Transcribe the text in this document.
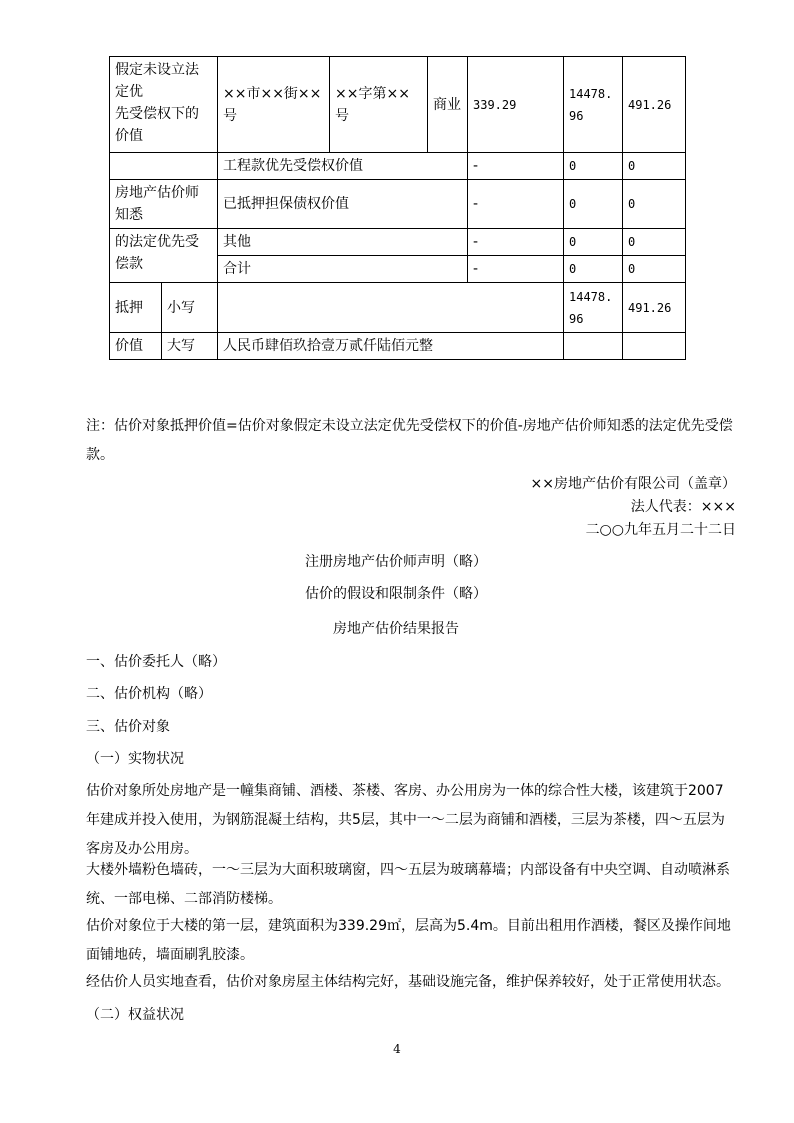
假定未设立法定优
先受偿权下的价值		××市××街××号	××字第××号	商业	339.29	14478.96	491.26
		工程款优先受偿权价值			-	0	0
房地产估价师知悉		已抵押担保债权价值			-	0	0
的法定优先受偿款		其他			-	0	0
		合计			-	0	0
抵押	小写					14478.96	491.26
价值	大写	人民币肆佰玖拾壹万贰仟陆佰元整					
注：估价对象抵押价值=估价对象假定未设立法定优先受偿权下的价值-房地产估价师知悉的法定优先受偿款。
××房地产估价有限公司（盖章）
法人代表：×××
二○○九年五月二十二日
注册房地产估价师声明（略）
估价的假设和限制条件（略）
房地产估价结果报告
一、估价委托人（略）
二、估价机构（略）
三、估价对象
（一）实物状况
估价对象所处房地产是一幢集商铺、酒楼、茶楼、客房、办公用房为一体的综合性大楼，该建筑于2007年建成并投入使用，为钢筋混凝土结构，共5层，其中一～二层为商铺和酒楼，三层为茶楼，四～五层为客房及办公用房。
大楼外墙粉色墙砖，一～三层为大面积玻璃窗，四～五层为玻璃幕墙；内部设备有中央空调、自动喷淋系统、一部电梯、二部消防楼梯。
估价对象位于大楼的第一层，建筑面积为339.29㎡，层高为5.4m。目前出租用作酒楼，餐区及操作间地面铺地砖，墙面刷乳胶漆。
经估价人员实地查看，估价对象房屋主体结构完好，基础设施完备，维护保养较好，处于正常使用状态。
（二）权益状况
4
